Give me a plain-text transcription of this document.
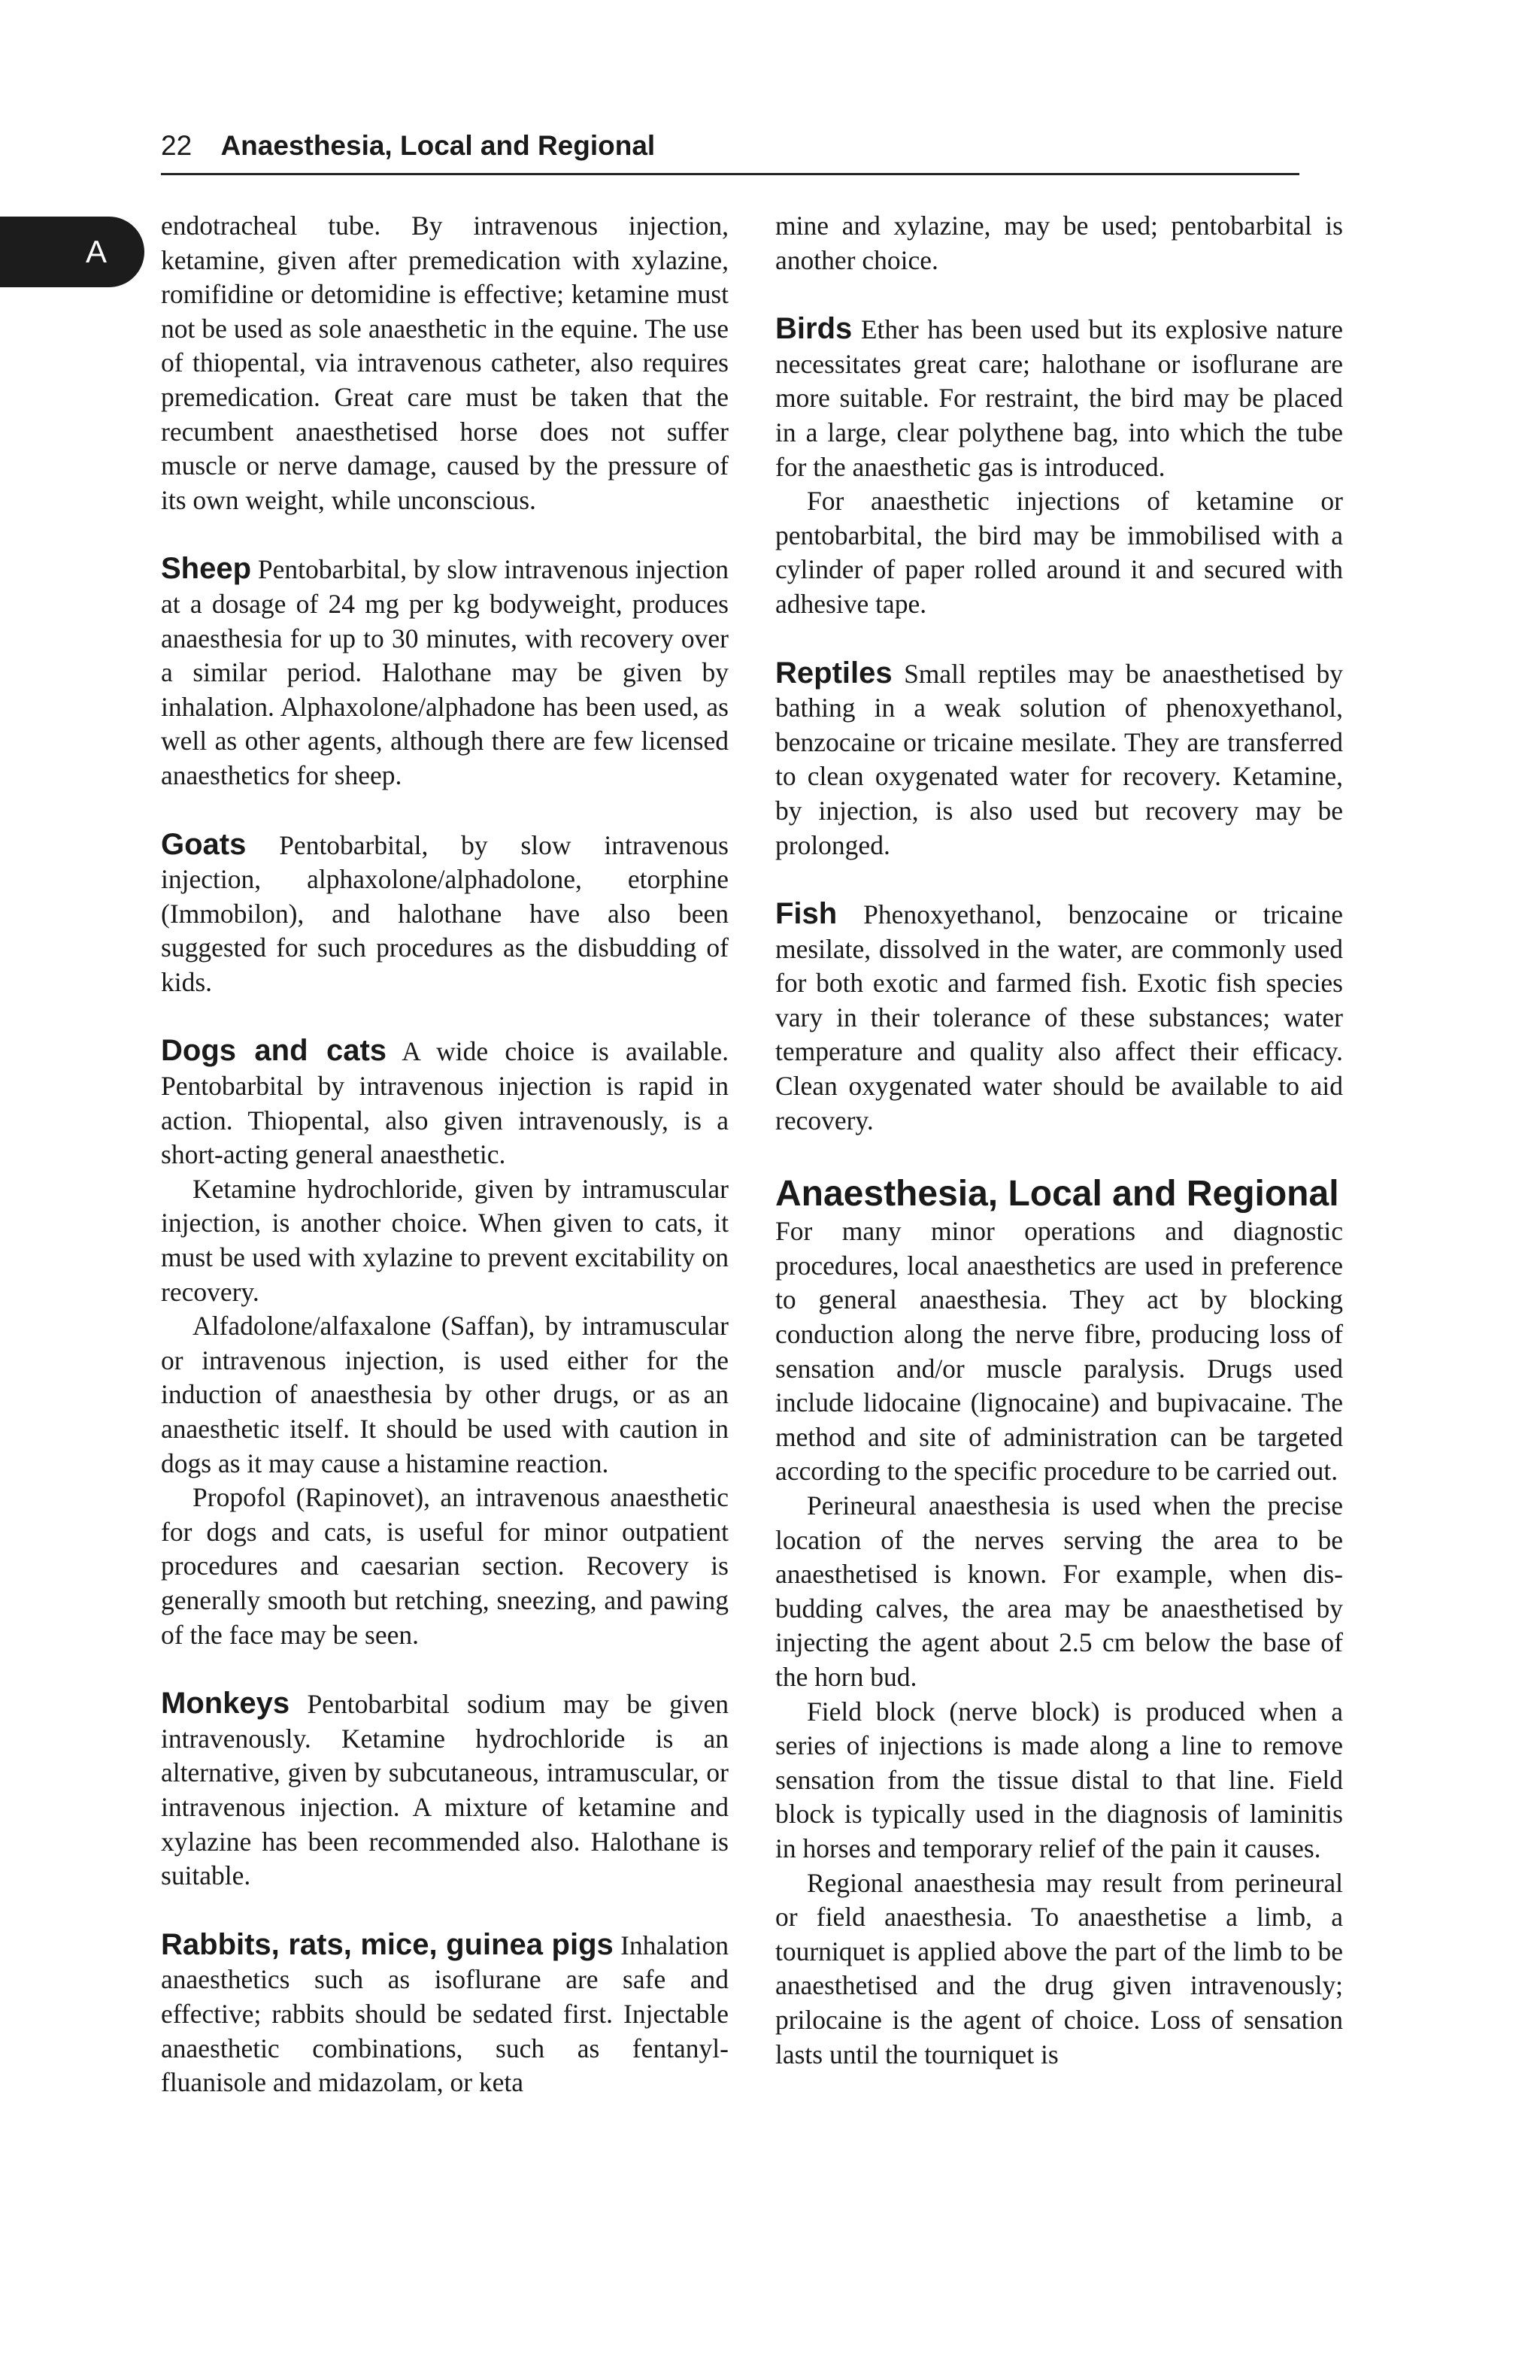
22 Anaesthesia, Local and Regional
A

endotracheal tube. By intravenous injection, ketamine, given after premedication with xylazine, romifidine or detomidine is effective; ketamine must not be used as sole anaesthetic in the equine. The use of thiopental, via intravenous catheter, also requires premedication. Great care must be taken that the recumbent anaesthetised horse does not suffer muscle or nerve damage, caused by the pressure of its own weight, while unconscious.

Sheep Pentobarbital, by slow intravenous injection at a dosage of 24 mg per kg bodyweight, produces anaesthesia for up to 30 minutes, with recovery over a similar period. Halothane may be given by inhalation. Alphaxolone/alphadone has been used, as well as other agents, although there are few licensed anaesthetics for sheep.

Goats Pentobarbital, by slow intravenous injection, alphaxolone/alphadolone, etorphine (Immobilon), and halothane have also been suggested for such procedures as the disbudding of kids.

Dogs and cats A wide choice is available. Pentobarbital by intravenous injection is rapid in action. Thiopental, also given intravenously, is a short-acting general anaesthetic.

Ketamine hydrochloride, given by intramuscular injection, is another choice. When given to cats, it must be used with xylazine to prevent excitability on recovery.

Alfadolone/alfaxalone (Saffan), by intramuscular or intravenous injection, is used either for the induction of anaesthesia by other drugs, or as an anaesthetic itself. It should be used with caution in dogs as it may cause a histamine reaction.

Propofol (Rapinovet), an intravenous anaesthetic for dogs and cats, is useful for minor outpatient procedures and caesarian section. Recovery is generally smooth but retching, sneezing, and pawing of the face may be seen.

Monkeys Pentobarbital sodium may be given intravenously. Ketamine hydrochloride is an alternative, given by subcutaneous, intramuscular, or intravenous injection. A mixture of ketamine and xylazine has been recommended also. Halothane is suitable.

Rabbits, rats, mice, guinea pigs Inhalation anaesthetics such as isoflurane are safe and effective; rabbits should be sedated first. Injectable anaesthetic combinations, such as fentanyl-fluanisole and midazolam, or keta

mine and xylazine, may be used; pentobarbital is another choice.

Birds Ether has been used but its explosive nature necessitates great care; halothane or isoflurane are more suitable. For restraint, the bird may be placed in a large, clear polythene bag, into which the tube for the anaesthetic gas is introduced.

For anaesthetic injections of ketamine or pentobarbital, the bird may be immobilised with a cylinder of paper rolled around it and secured with adhesive tape.

Reptiles Small reptiles may be anaesthetised by bathing in a weak solution of phenoxyethanol, benzocaine or tricaine mesilate. They are transferred to clean oxygenated water for recovery. Ketamine, by injection, is also used but recovery may be prolonged.

Fish Phenoxyethanol, benzocaine or tricaine mesilate, dissolved in the water, are commonly used for both exotic and farmed fish. Exotic fish species vary in their tolerance of these substances; water temperature and quality also affect their efficacy. Clean oxygenated water should be available to aid recovery.

Anaesthesia, Local and Regional

For many minor operations and diagnostic procedures, local anaesthetics are used in preference to general anaesthesia. They act by blocking conduction along the nerve fibre, producing loss of sensation and/or muscle paralysis. Drugs used include lidocaine (lignocaine) and bupivacaine. The method and site of administration can be targeted according to the specific procedure to be carried out.

Perineural anaesthesia is used when the precise location of the nerves serving the area to be anaesthetised is known. For example, when disbudding calves, the area may be anaesthetised by injecting the agent about 2.5 cm below the base of the horn bud.

Field block (nerve block) is produced when a series of injections is made along a line to remove sensation from the tissue distal to that line. Field block is typically used in the diagnosis of laminitis in horses and temporary relief of the pain it causes.

Regional anaesthesia may result from perineural or field anaesthesia. To anaesthetise a limb, a tourniquet is applied above the part of the limb to be anaesthetised and the drug given intravenously; prilocaine is the agent of choice. Loss of sensation lasts until the tourniquet is
